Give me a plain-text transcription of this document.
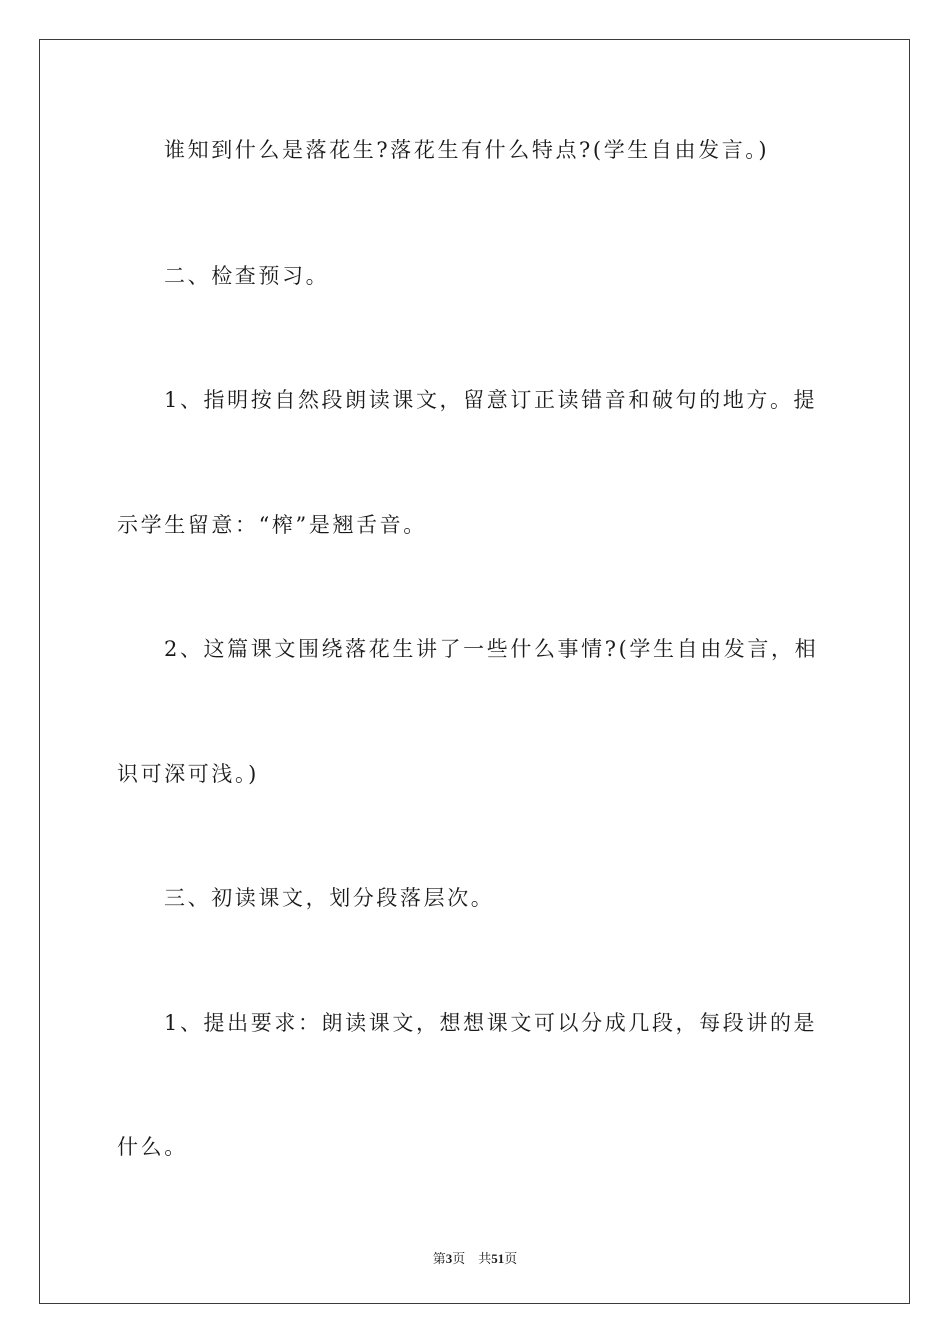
谁知到什么是落花生?落花生有什么特点?(学生自由发言。)
二、检查预习。
1、指明按自然段朗读课文，留意订正读错音和破句的地方。提
示学生留意：“榨”是翘舌音。
2、这篇课文围绕落花生讲了一些什么事情?(学生自由发言，相
识可深可浅。)
三、初读课文，划分段落层次。
1、提出要求：朗读课文，想想课文可以分成几段，每段讲的是
什么。
第3页 共51页
